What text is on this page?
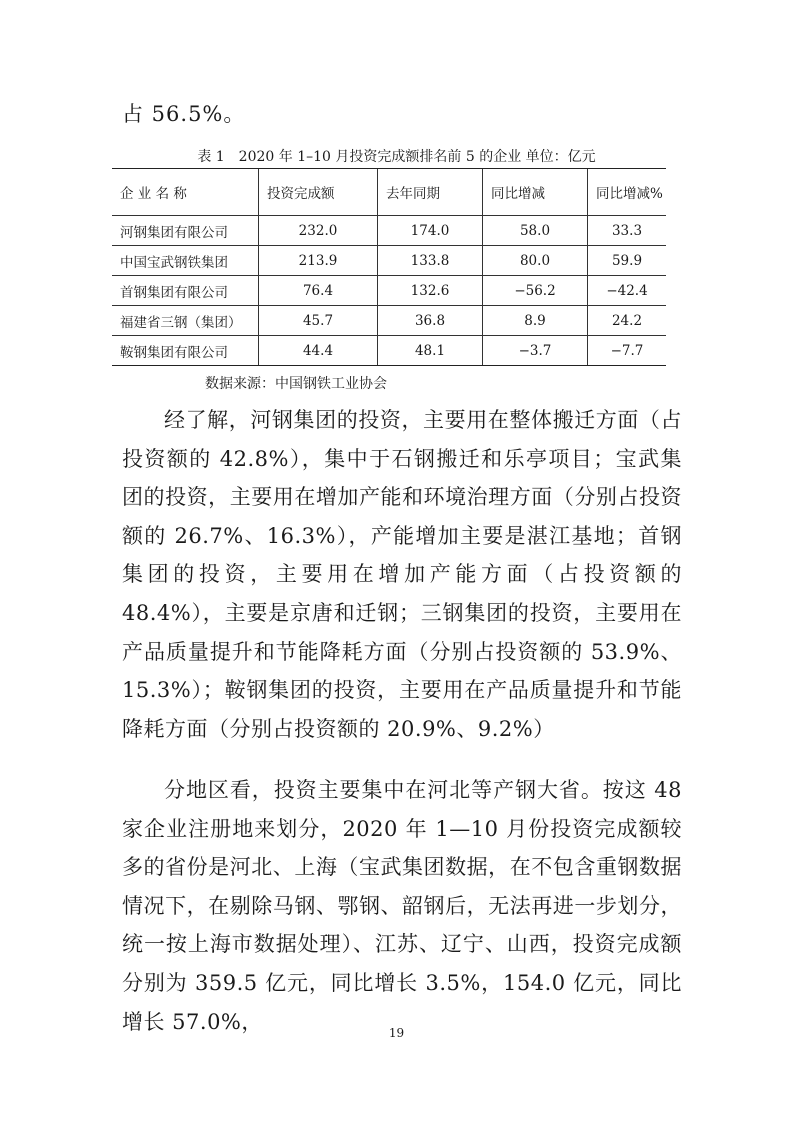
占 56.5%。
表 1　2020 年 1–10 月投资完成额排名前 5 的企业 单位：亿元
企 业 名 称	投资完成额	去年同期	同比增减	同比增减%
河钢集团有限公司	232.0	174.0	58.0	33.3
中国宝武钢铁集团	213.9	133.8	80.0	59.9
首钢集团有限公司	76.4	132.6	−56.2	−42.4
福建省三钢（集团）	45.7	36.8	8.9	24.2
鞍钢集团有限公司	44.4	48.1	−3.7	−7.7
数据来源：中国钢铁工业协会

经了解，河钢集团的投资，主要用在整体搬迁方面（占投资额的 42.8%），集中于石钢搬迁和乐亭项目；宝武集团的投资，主要用在增加产能和环境治理方面（分别占投资额的 26.7%、16.3%），产能增加主要是湛江基地；首钢集团的投资，主要用在增加产能方面（占投资额的 48.4%），主要是京唐和迁钢；三钢集团的投资，主要用在产品质量提升和节能降耗方面（分别占投资额的 53.9%、15.3%）；鞍钢集团的投资，主要用在产品质量提升和节能降耗方面（分别占投资额的 20.9%、9.2%）

分地区看，投资主要集中在河北等产钢大省。按这 48 家企业注册地来划分，2020 年 1—10 月份投资完成额较多的省份是河北、上海（宝武集团数据，在不包含重钢数据情况下，在剔除马钢、鄂钢、韶钢后，无法再进一步划分，统一按上海市数据处理）、江苏、辽宁、山西，投资完成额分别为 359.5 亿元，同比增长 3.5%，154.0 亿元，同比增长 57.0%，	19
